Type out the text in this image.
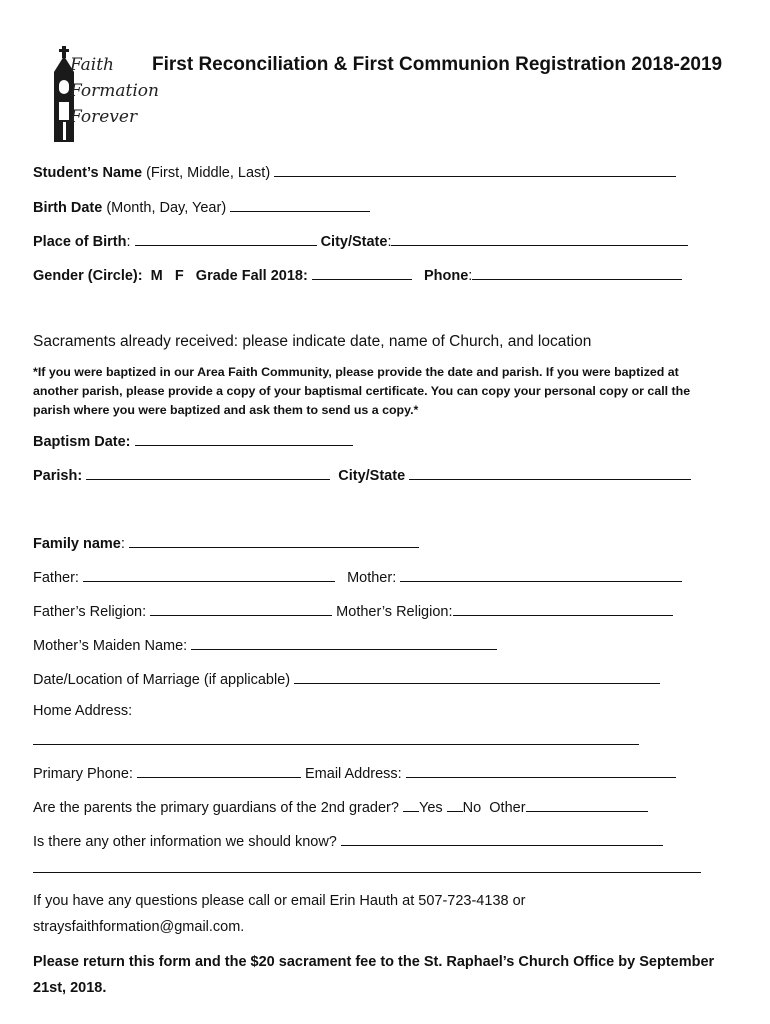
Faith
Formation
Forever
First Reconciliation & First Communion Registration 2018-2019
Student’s Name (First, Middle, Last)
Birth Date (Month, Day, Year)
Place of Birth:	City/State:
Gender (Circle): M F Grade Fall 2018:	Phone:
Sacraments already received: please indicate date, name of Church, and location
*If you were baptized in our Area Faith Community, please provide the date and parish. If you were baptized at another parish, please provide a copy of your baptismal certificate. You can copy your personal copy or call the parish where you were baptized and ask them to send us a copy.*
Baptism Date:
Parish:	City/State
Family name:
Father:	Mother:
Father’s Religion:	Mother’s Religion:
Mother’s Maiden Name:
Date/Location of Marriage (if applicable)
Home Address:
Primary Phone:	Email Address:
Are the parents the primary guardians of the 2nd grader? Yes No Other
Is there any other information we should know?
If you have any questions please call or email Erin Hauth at 507-723-4138 or straysfaithformation@gmail.com.
Please return this form and the $20 sacrament fee to the St. Raphael’s Church Office by September 21st, 2018.
